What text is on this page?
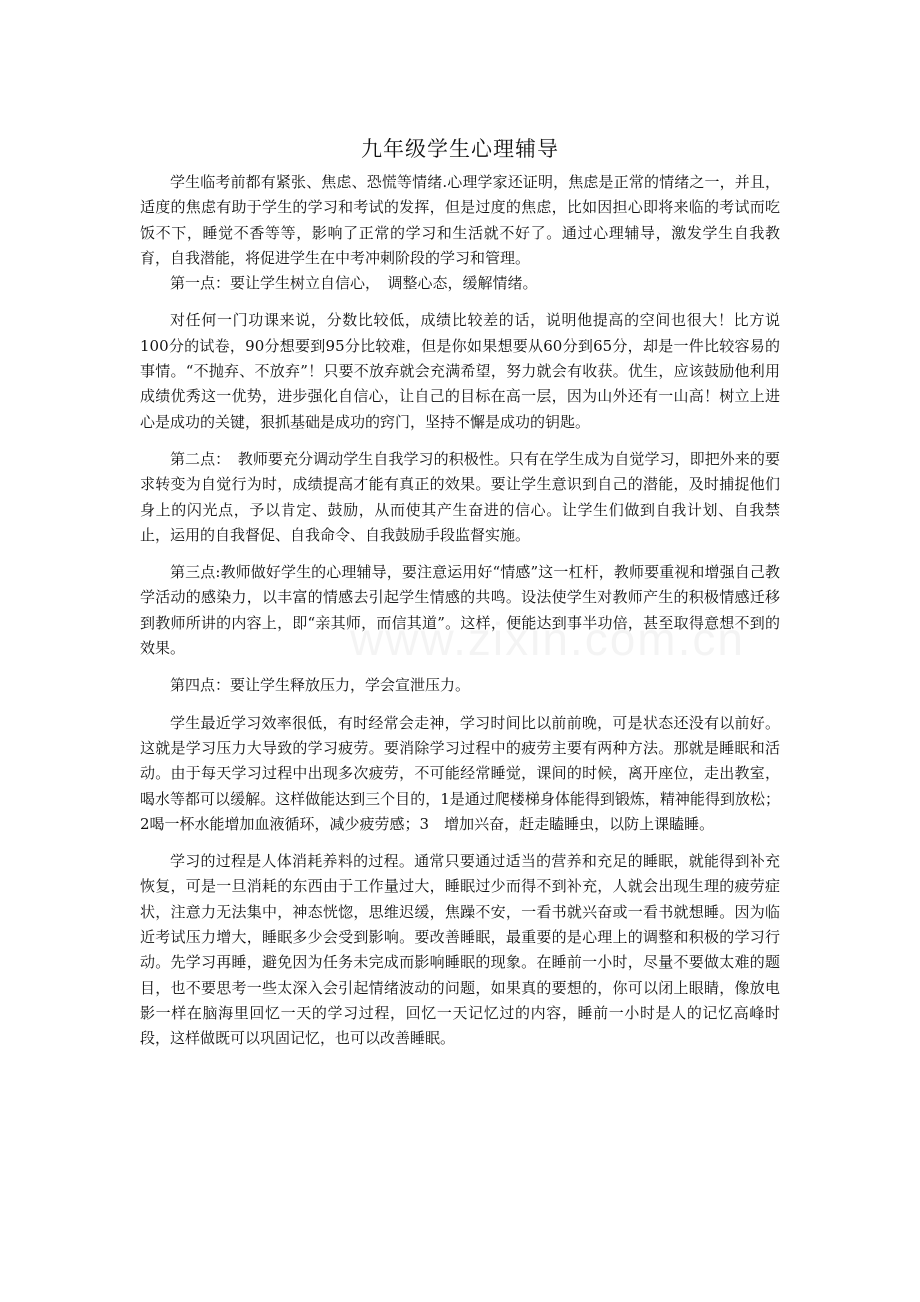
九年级学生心理辅导

学生临考前都有紧张、焦虑、恐慌等情绪.心理学家还证明，焦虑是正常的情绪之一，并且，适度的焦虑有助于学生的学习和考试的发挥，但是过度的焦虑，比如因担心即将来临的考试而吃饭不下，睡觉不香等等，影响了正常的学习和生活就不好了。通过心理辅导，激发学生自我教育，自我潜能，将促进学生在中考冲刺阶段的学习和管理。

第一点：要让学生树立自信心，　调整心态，缓解情绪。

对任何一门功课来说，分数比较低，成绩比较差的话，说明他提高的空间也很大！比方说100分的试卷，90分想要到95分比较难，但是你如果想要从60分到65分，却是一件比较容易的事情。“不抛弃、不放弃”！只要不放弃就会充满希望，努力就会有收获。优生，应该鼓励他利用成绩优秀这一优势，进步强化自信心，让自己的目标在高一层，因为山外还有一山高！树立上进心是成功的关键，狠抓基础是成功的窍门，坚持不懈是成功的钥匙。

第二点：　教师要充分调动学生自我学习的积极性。只有在学生成为自觉学习，即把外来的要求转变为自觉行为时，成绩提高才能有真正的效果。要让学生意识到自己的潜能，及时捕捉他们身上的闪光点，予以肯定、鼓励，从而使其产生奋进的信心。让学生们做到自我计划、自我禁止，运用的自我督促、自我命令、自我鼓励手段监督实施。

第三点:教师做好学生的心理辅导，要注意运用好“情感”这一杠杆，教师要重视和增强自己教学活动的感染力，以丰富的情感去引起学生情感的共鸣。设法使学生对教师产生的积极情感迁移到教师所讲的内容上，即“亲其师，而信其道”。这样，便能达到事半功倍，甚至取得意想不到的效果。

第四点：要让学生释放压力，学会宣泄压力。

学生最近学习效率很低，有时经常会走神，学习时间比以前前晚，可是状态还没有以前好。这就是学习压力大导致的学习疲劳。要消除学习过程中的疲劳主要有两种方法。那就是睡眠和活动。由于每天学习过程中出现多次疲劳，不可能经常睡觉，课间的时候，离开座位，走出教室，喝水等都可以缓解。这样做能达到三个目的，1是通过爬楼梯身体能得到锻炼，精神能得到放松；2喝一杯水能增加血液循环，减少疲劳感；3　增加兴奋，赶走瞌睡虫，以防上课瞌睡。

学习的过程是人体消耗养料的过程。通常只要通过适当的营养和充足的睡眠，就能得到补充恢复，可是一旦消耗的东西由于工作量过大，睡眠过少而得不到补充，人就会出现生理的疲劳症状，注意力无法集中，神态恍惚，思维迟缓，焦躁不安，一看书就兴奋或一看书就想睡。因为临近考试压力增大，睡眠多少会受到影响。要改善睡眠，最重要的是心理上的调整和积极的学习行动。先学习再睡，避免因为任务未完成而影响睡眠的现象。在睡前一小时，尽量不要做太难的题目，也不要思考一些太深入会引起情绪波动的问题，如果真的要想的，你可以闭上眼睛，像放电影一样在脑海里回忆一天的学习过程，回忆一天记忆过的内容，睡前一小时是人的记忆高峰时段，这样做既可以巩固记忆，也可以改善睡眠。
